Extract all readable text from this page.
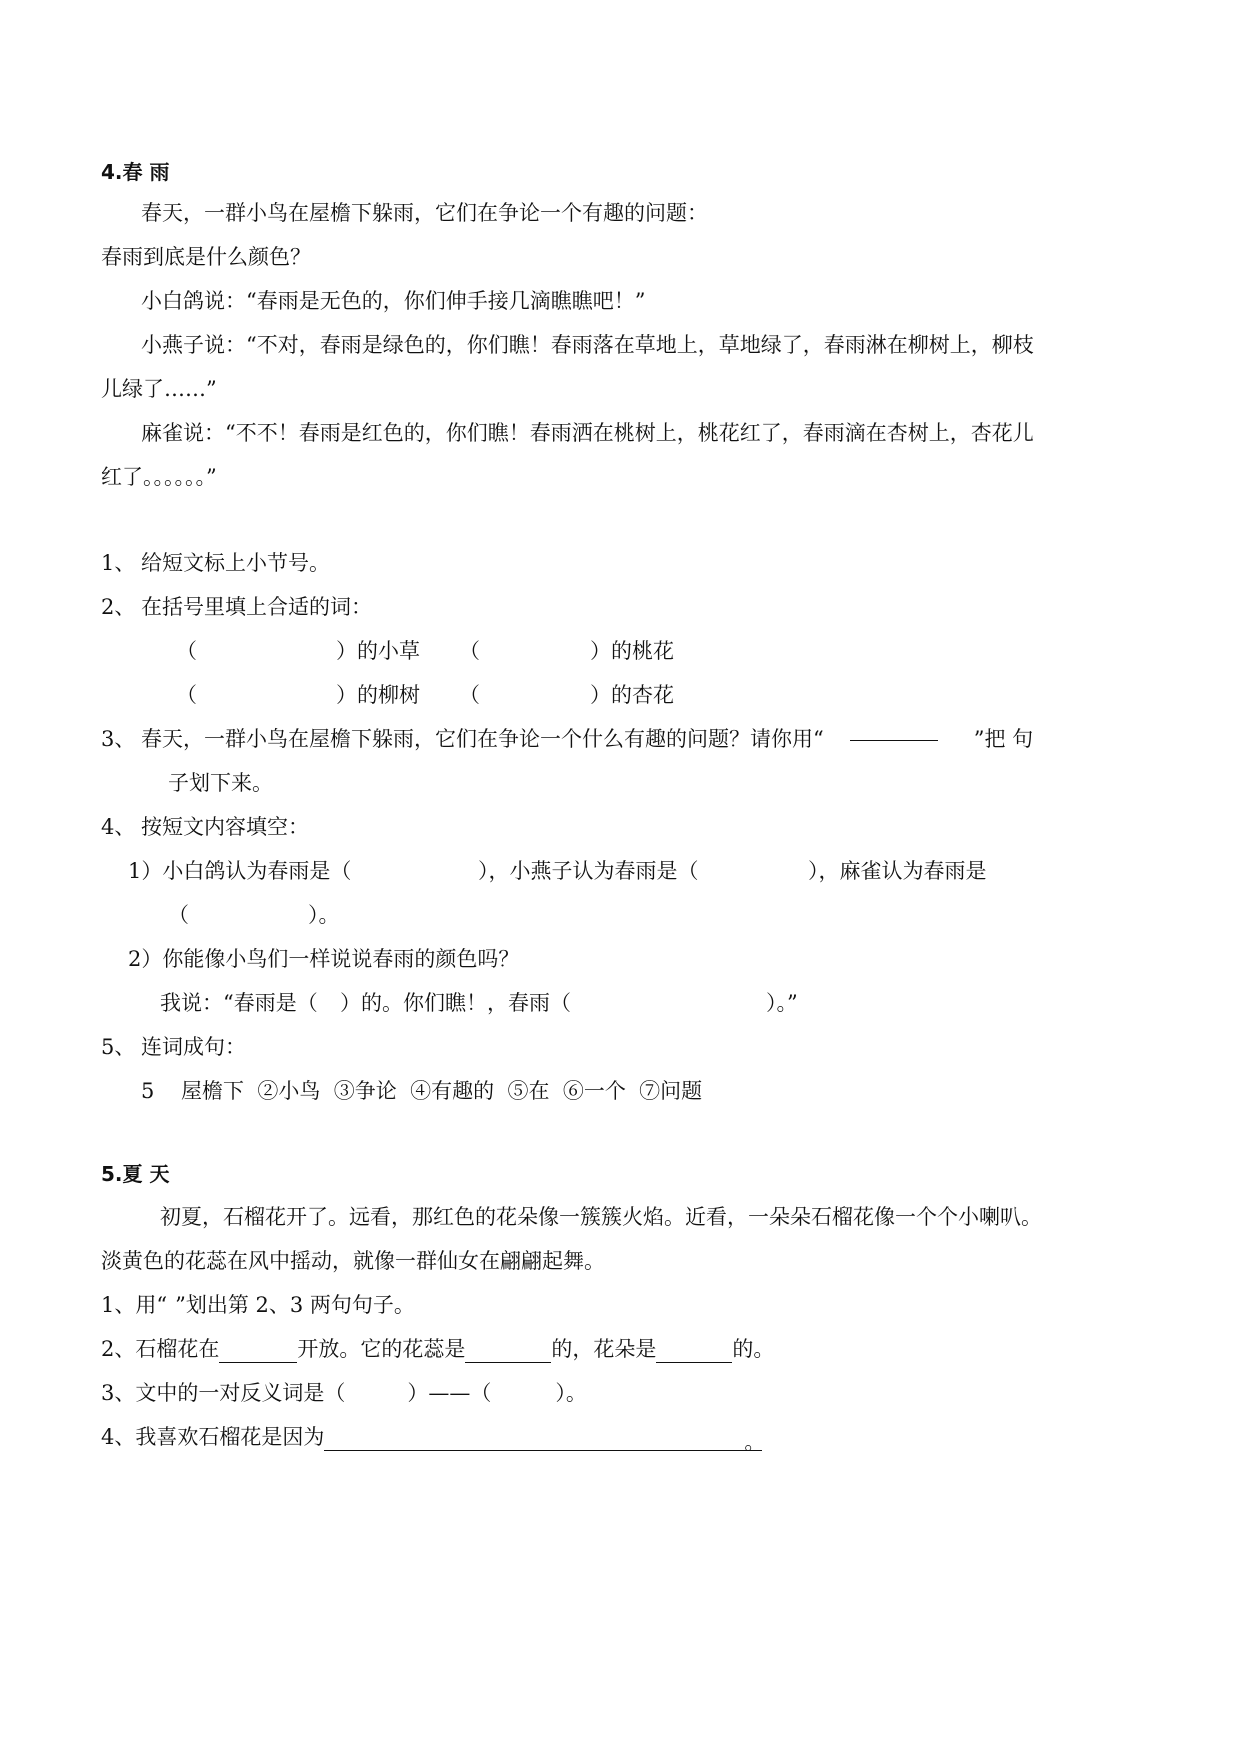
4.春 雨
春天，一群小鸟在屋檐下躲雨，它们在争论一个有趣的问题：
春雨到底是什么颜色？
小白鸽说：“春雨是无色的，你们伸手接几滴瞧瞧吧！”
小燕子说：“不对，春雨是绿色的，你们瞧！春雨落在草地上，草地绿了，春雨淋在柳树上，柳枝
儿绿了……”
麻雀说：“不不！春雨是红色的，你们瞧！春雨洒在桃树上，桃花红了，春雨滴在杏树上，杏花儿
红了。。。。。。”
1、 给短文标上小节号。
2、 在括号里填上合适的词：
（	）的小草 （	）的桃花
（	）的柳树 （	）的杏花
3、 春天，一群小鸟在屋檐下躲雨，它们在争论一个什么有趣的问题？请你用“	”把 句
子划下来。
4、 按短文内容填空：
1）小白鸽认为春雨是（	），小燕子认为春雨是（	），麻雀认为春雨是
（	）。
2）你能像小鸟们一样说说春雨的颜色吗？
我说：“春雨是（ ）的。你们瞧！，春雨（	）。”
5、 连词成句：
5    屋檐下  ②小鸟  ③争论  ④有趣的  ⑤在  ⑥一个  ⑦问题
5.夏 天
初夏，石榴花开了。远看，那红色的花朵像一簇簇火焰。近看，一朵朵石榴花像一个个小喇叭。
淡黄色的花蕊在风中摇动，就像一群仙女在翩翩起舞。
1、用“ ”划出第 2、3 两句句子。
2、石榴花在	开放。它的花蕊是	的，花朵是	的。
3、文中的一对反义词是（	）——（	）。
4、我喜欢石榴花是因为	。
